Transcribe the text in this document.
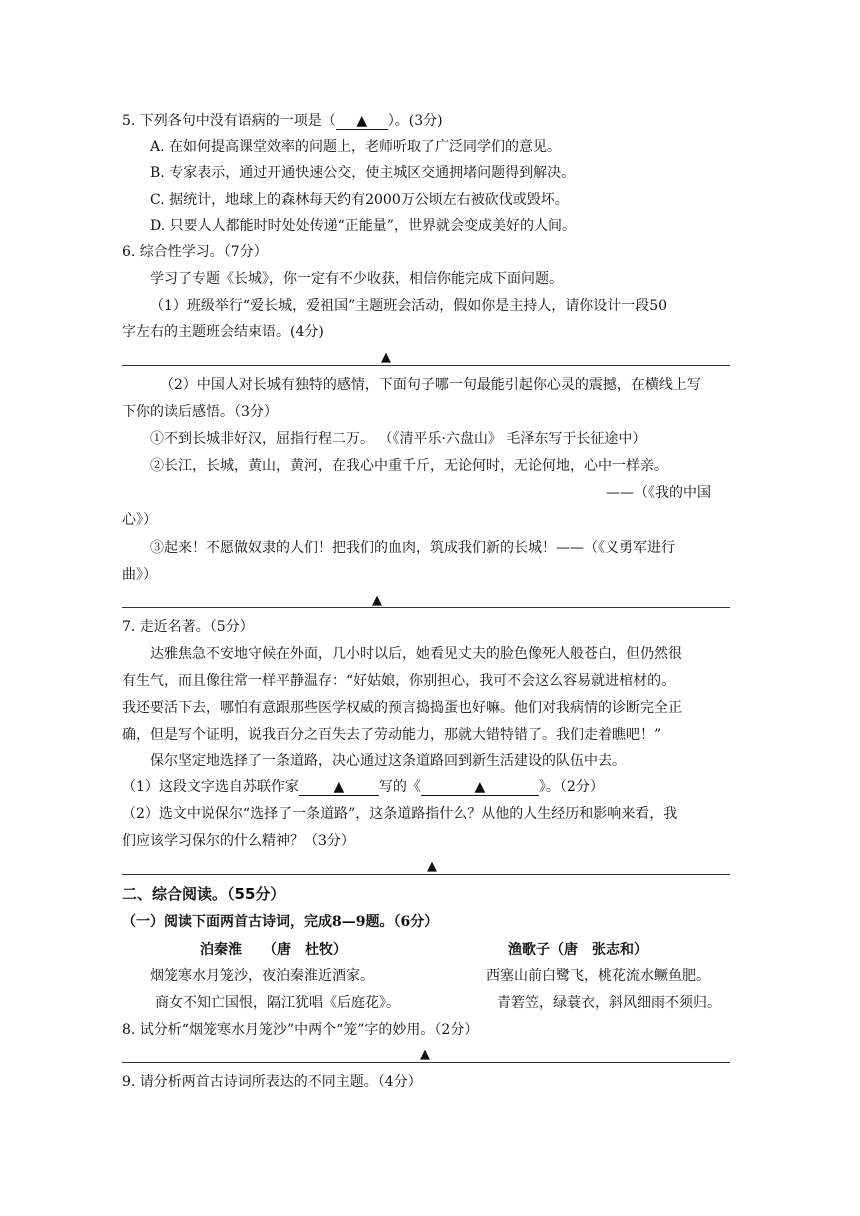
5. 下列各句中没有语病的一项是（ ▲ ）。(3分)
A. 在如何提高课堂效率的问题上，老师听取了广泛同学们的意见。
B. 专家表示，通过开通快速公交，使主城区交通拥堵问题得到解决。
C. 据统计，地球上的森林每天约有2000万公顷左右被砍伐或毁坏。
D. 只要人人都能时时处处传递“正能量”，世界就会变成美好的人间。
6. 综合性学习。（7分）
学习了专题《长城》，你一定有不少收获，相信你能完成下面问题。
（1）班级举行“爱长城，爱祖国”主题班会活动，假如你是主持人，请你设计一段50
字左右的主题班会结束语。(4分)
▲
（2）中国人对长城有独特的感情，下面句子哪一句最能引起你心灵的震撼，在横线上写
下你的读后感悟。（3分）
①不到长城非好汉，屈指行程二万。 （《清平乐·六盘山》 毛泽东写于长征途中）
②长江，长城，黄山，黄河，在我心中重千斤，无论何时，无论何地，心中一样亲。
——（《我的中国
心》）
③起来！不愿做奴隶的人们！把我们的血肉，筑成我们新的长城！——（《义勇军进行
曲》）
▲
7. 走近名著。（5分）
达雅焦急不安地守候在外面，几小时以后，她看见丈夫的脸色像死人般苍白，但仍然很
有生气，而且像往常一样平静温存：“好姑娘，你别担心，我可不会这么容易就进棺材的。
我还要活下去，哪怕有意跟那些医学权威的预言捣捣蛋也好嘛。他们对我病情的诊断完全正
确，但是写个证明，说我百分之百失去了劳动能力，那就大错特错了。我们走着瞧吧！”
保尔坚定地选择了一条道路，决心通过这条道路回到新生活建设的队伍中去。
（1）这段文字选自苏联作家 ▲ 写的《	▲	》。（2分）
（2）选文中说保尔“选择了一条道路”，这条道路指什么？从他的人生经历和影响来看，我
们应该学习保尔的什么精神？（3分）
▲
二、综合阅读。（55分）
（一）阅读下面两首古诗词，完成8—9题。（6分）
泊秦淮　　（唐　杜牧）	渔歌子（唐　张志和）
烟笼寒水月笼沙，夜泊秦淮近酒家。	西塞山前白鹭飞，桃花流水鳜鱼肥。
商女不知亡国恨，隔江犹唱《后庭花》。	青箬笠，绿蓑衣，斜风细雨不须归。
8. 试分析“烟笼寒水月笼沙”中两个“笼”字的妙用。（2分）
▲
9. 请分析两首古诗词所表达的不同主题。（4分）
